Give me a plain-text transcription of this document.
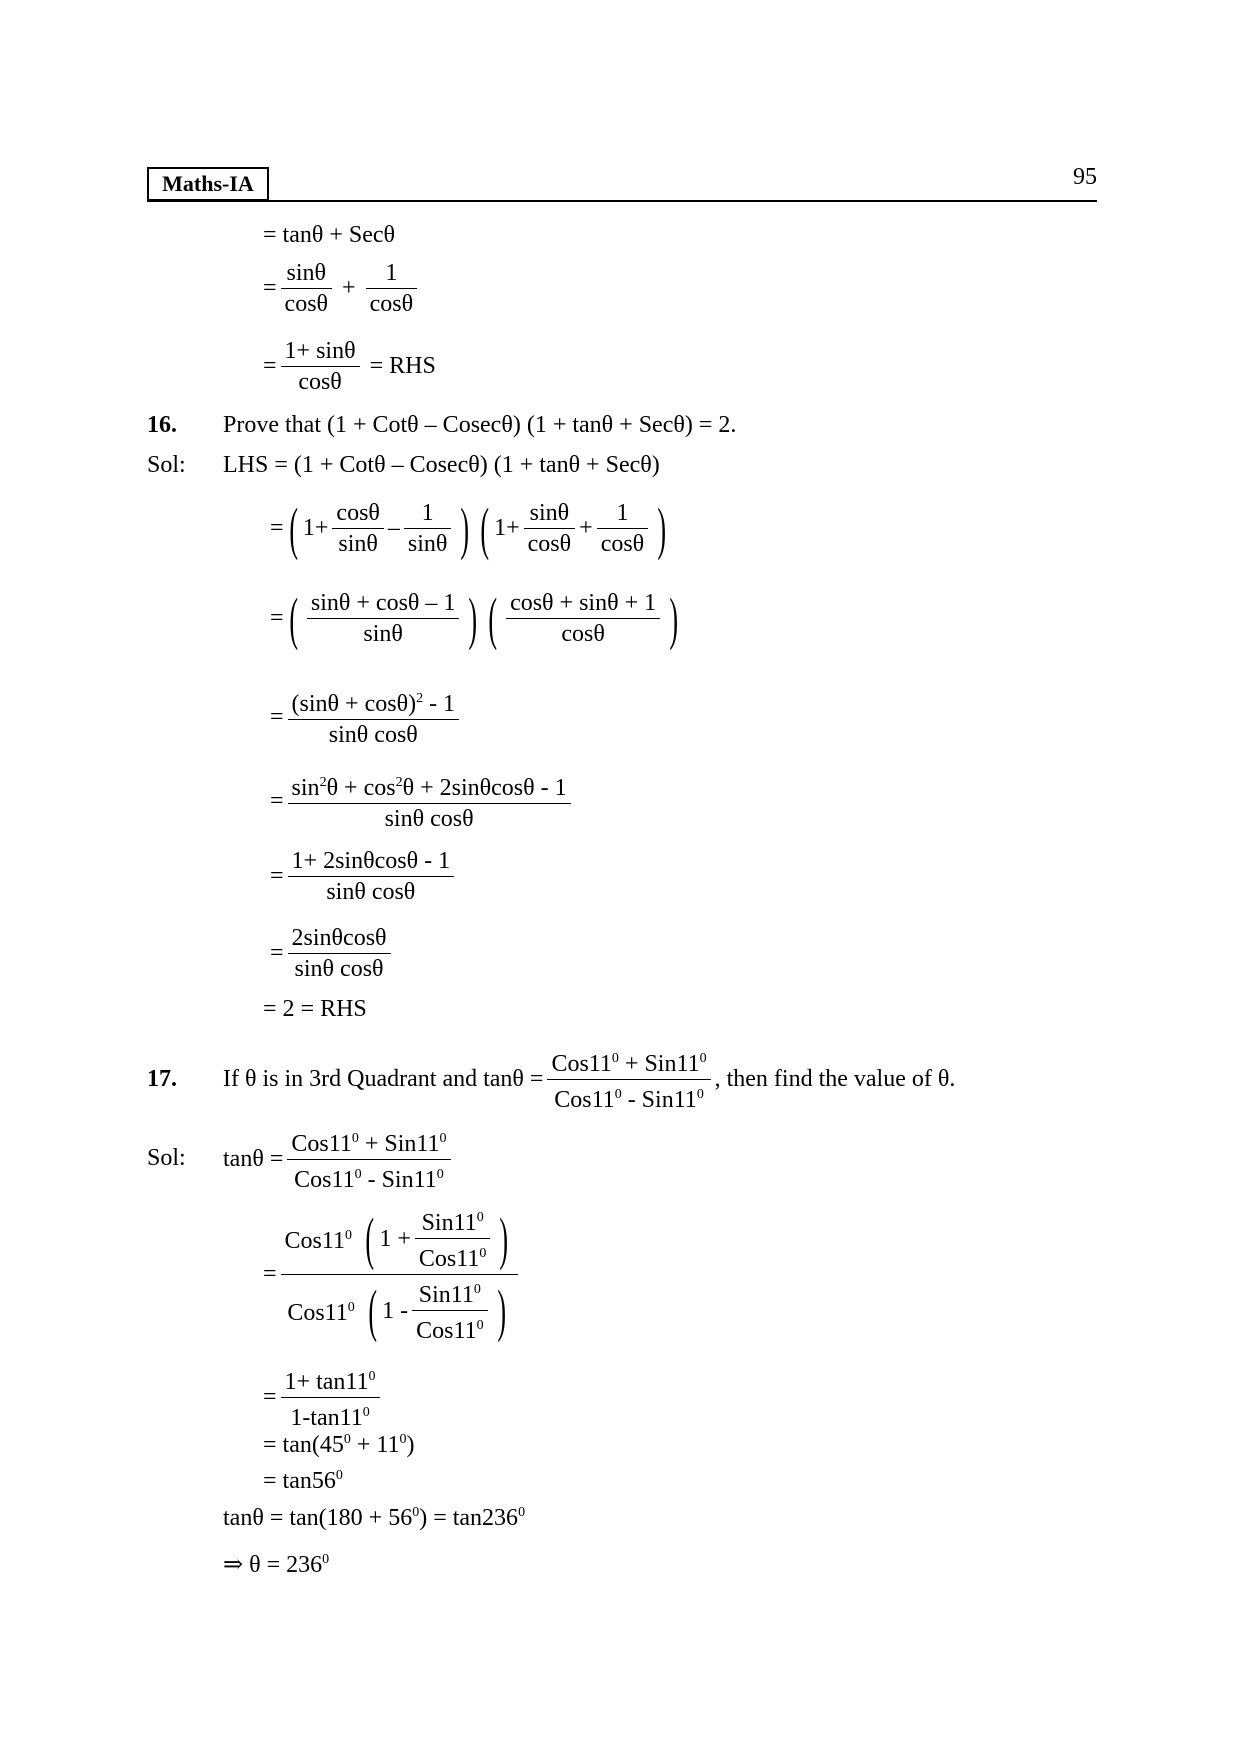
Maths-IA	95
= tanθ + Secθ
= $\frac{\sin\theta}{\cos\theta} + \frac{1}{\cos\theta}$
= $\frac{1+ \sin\theta}{\cos\theta}$ = RHS
16. Prove that (1 + Cotθ – Cosecθ) (1 + tanθ + Secθ) = 2.
Sol: LHS = (1 + Cotθ – Cosecθ) (1 + tanθ + Secθ)
= ( $1+ \frac{\cos\theta}{\sin\theta} - \frac{1}{\sin\theta}$ ) ( $1+ \frac{\sin\theta}{\cos\theta} + \frac{1}{\cos\theta}$ )
= ( $\frac{\sin\theta + \cos\theta - 1}{\sin\theta}$ ) ( $\frac{\cos\theta + \sin\theta + 1}{\cos\theta}$ )
= $\frac{(\sin\theta + \cos\theta)^2 - 1}{\text{sinθ cosθ}}$
= $\frac{\sin^2\theta + \cos^2\theta + 2\sin\theta\cos\theta - 1}{\text{sinθ cosθ}}$
= $\frac{1+ 2\sin\theta\cos\theta - 1}{\text{sinθ cosθ}}$
= $\frac{2\sin\theta\cos\theta}{\text{sinθ cosθ}}$
= 2 = RHS
17. If θ is in 3rd Quadrant and $\tan\theta = \frac{Cos11^0 + Sin11^0}{Cos11^0 - Sin11^0}$ , then find the value of θ.
Sol: $\tan\theta = \frac{Cos11^0 + Sin11^0}{Cos11^0 - Sin11^0}$
=
$Cos11^0$ ( $1 + \frac{Sin11^0}{Cos11^0}$ )
$Cos11^0$ ( $1 - \frac{Sin11^0}{Cos11^0}$ )
= $\frac{1+ \tan 11^0}{1-\tan 11^0}$
= $\tan(45^0 + 11^0)$
= $\tan 56^0$
$\tan\theta = \tan(180 + 56^0) = \tan 236^0$
⇒ $\theta = 236^0$
